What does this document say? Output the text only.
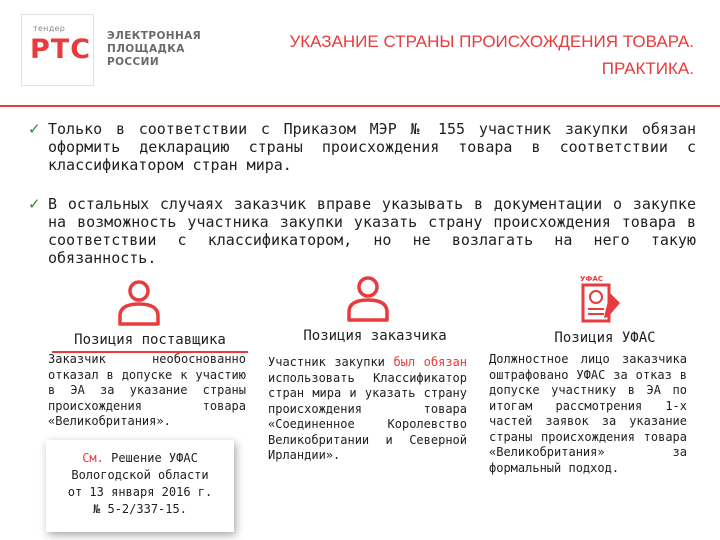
тендер
РТС ЭЛЕКТРОННАЯ
ПЛОЩАДКА
РОССИИ
УКАЗАНИЕ СТРАНЫ ПРОИСХОЖДЕНИЯ ТОВАРА.
ПРАКТИКА.
✓ Только в соответствии с Приказом МЭР № 155 участник закупки обязан оформить декларацию страны происхождения товара в соответствии с классификатором стран мира.
✓ В остальных случаях заказчик вправе указывать в документации о закупке на возможность участника закупки указать страну происхождения товара в соответствии с классификатором, но не возлагать на него такую обязанность.
УФАС
Позиция поставщика	Позиция заказчика	Позиция УФАС
Заказчик необоснованно отказал в допуске к участию в ЭА за указание страны происхождения товара «Великобритания».
Участник закупки был обязан использовать Классификатор стран мира и указать страну происхождения товара «Соединенное Королевство Великобритании и Северной Ирландии».
Должностное лицо заказчика оштрафовано УФАС за отказ в допуске участнику в ЭА по итогам рассмотрения 1-х частей заявок за указание страны происхождения товара «Великобритания» за формальный подход.
См. Решение УФАС
Вологодской области
от 13 января 2016 г.
№ 5-2/337-15.
